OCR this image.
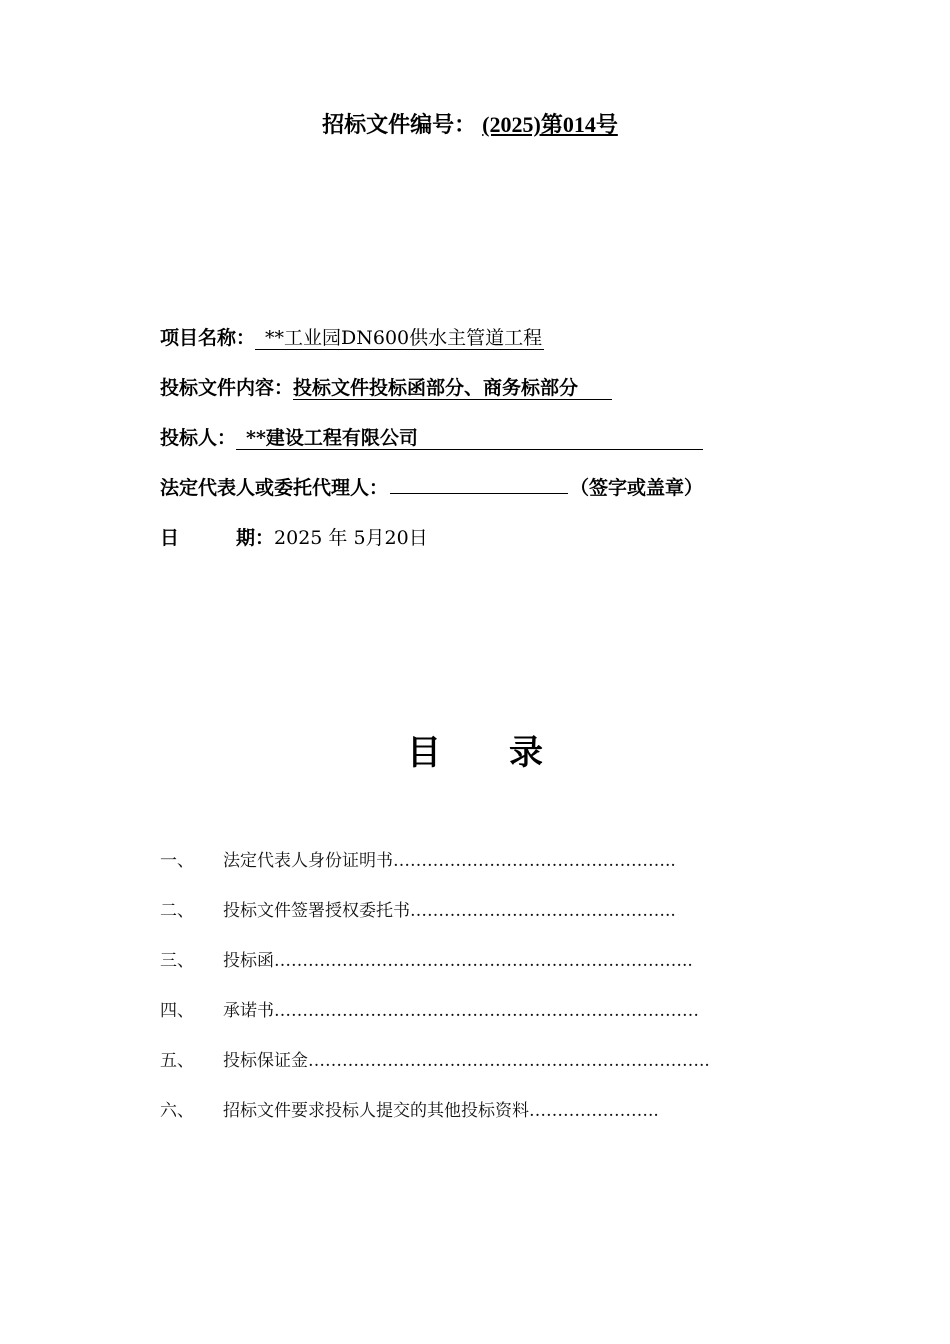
招标文件编号： (2025)第014号
项目名称： **工业园DN600供水主管道工程
投标文件内容：投标文件投标函部分、商务标部分
投标人： **建设工程有限公司
法定代表人或委托代理人：	（签字或盖章）
日　　　期：2025 年 5月20日
目录
一、 法定代表人身份证明书…………………………………………..
二、 投标文件签署授权委托书………………………………………..
三、 投标函………………………………………………………………..
四、 承诺书…………………………………………………………………
五、 投标保证金……………………………………………………………..
六、 招标文件要求投标人提交的其他投标资料…………………..
